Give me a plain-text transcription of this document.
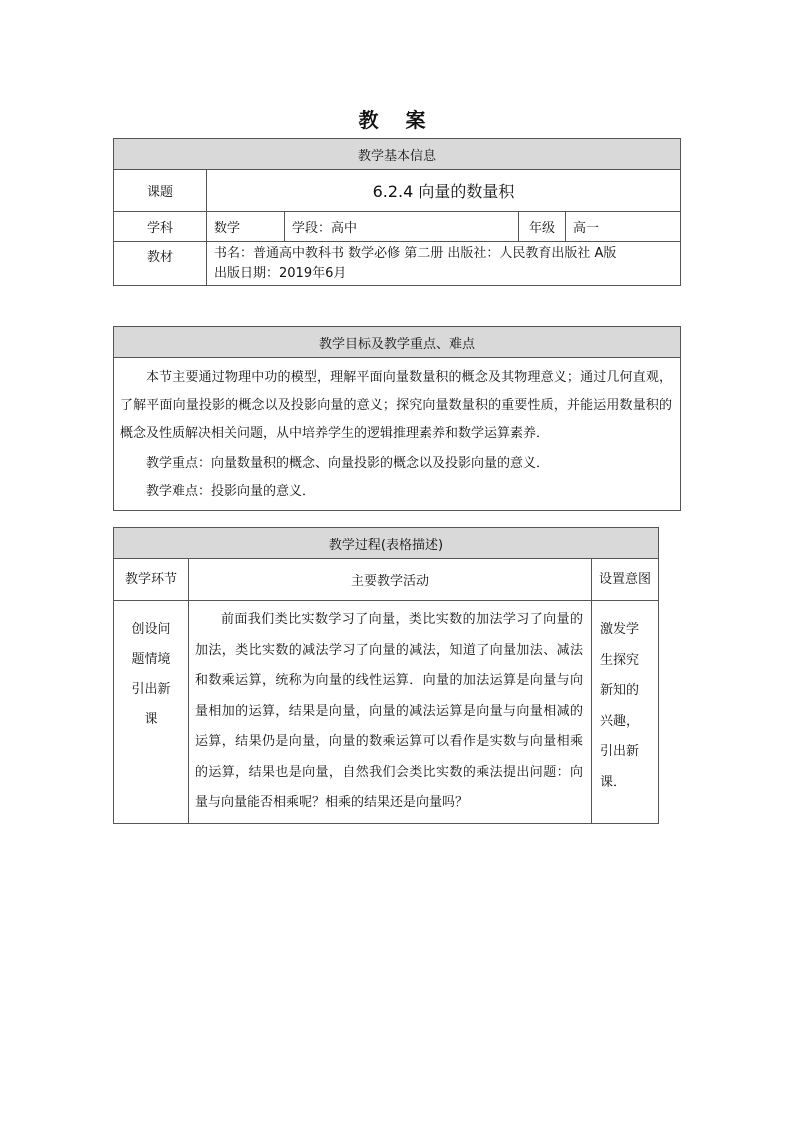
教 案
教学基本信息				
课题	6.2.4 向量的数量积			
学科	数学	学段：高中	年级	高一
教材	书名：普通高中教科书 数学必修 第二册 出版社：人民教育出版社 A版
出版日期：2019年6月			
教学目标及教学重点、难点

本节主要通过物理中功的模型，理解平面向量数量积的概念及其物理意义；通过几何直观，了解平面向量投影的概念以及投影向量的意义；探究向量数量积的重要性质，并能运用数量积的概念及性质解决相关问题，从中培养学生的逻辑推理素养和数学运算素养．
教学重点：向量数量积的概念、向量投影的概念以及投影向量的意义．
教学难点：投影向量的意义．
教学过程(表格描述)		
教学环节	主要教学活动	设置意图
创设问题情境引出新课	前面我们类比实数学习了向量，类比实数的加法学习了向量的加法，类比实数的减法学习了向量的减法，知道了向量加法、减法和数乘运算，统称为向量的线性运算．向量的加法运算是向量与向量相加的运算，结果是向量，向量的减法运算是向量与向量相减的运算，结果仍是向量，向量的数乘运算可以看作是实数与向量相乘的运算，结果也是向量，自然我们会类比实数的乘法提出问题：向量与向量能否相乘呢？相乘的结果还是向量吗？	激发学生探究新知的兴趣，引出新课．
